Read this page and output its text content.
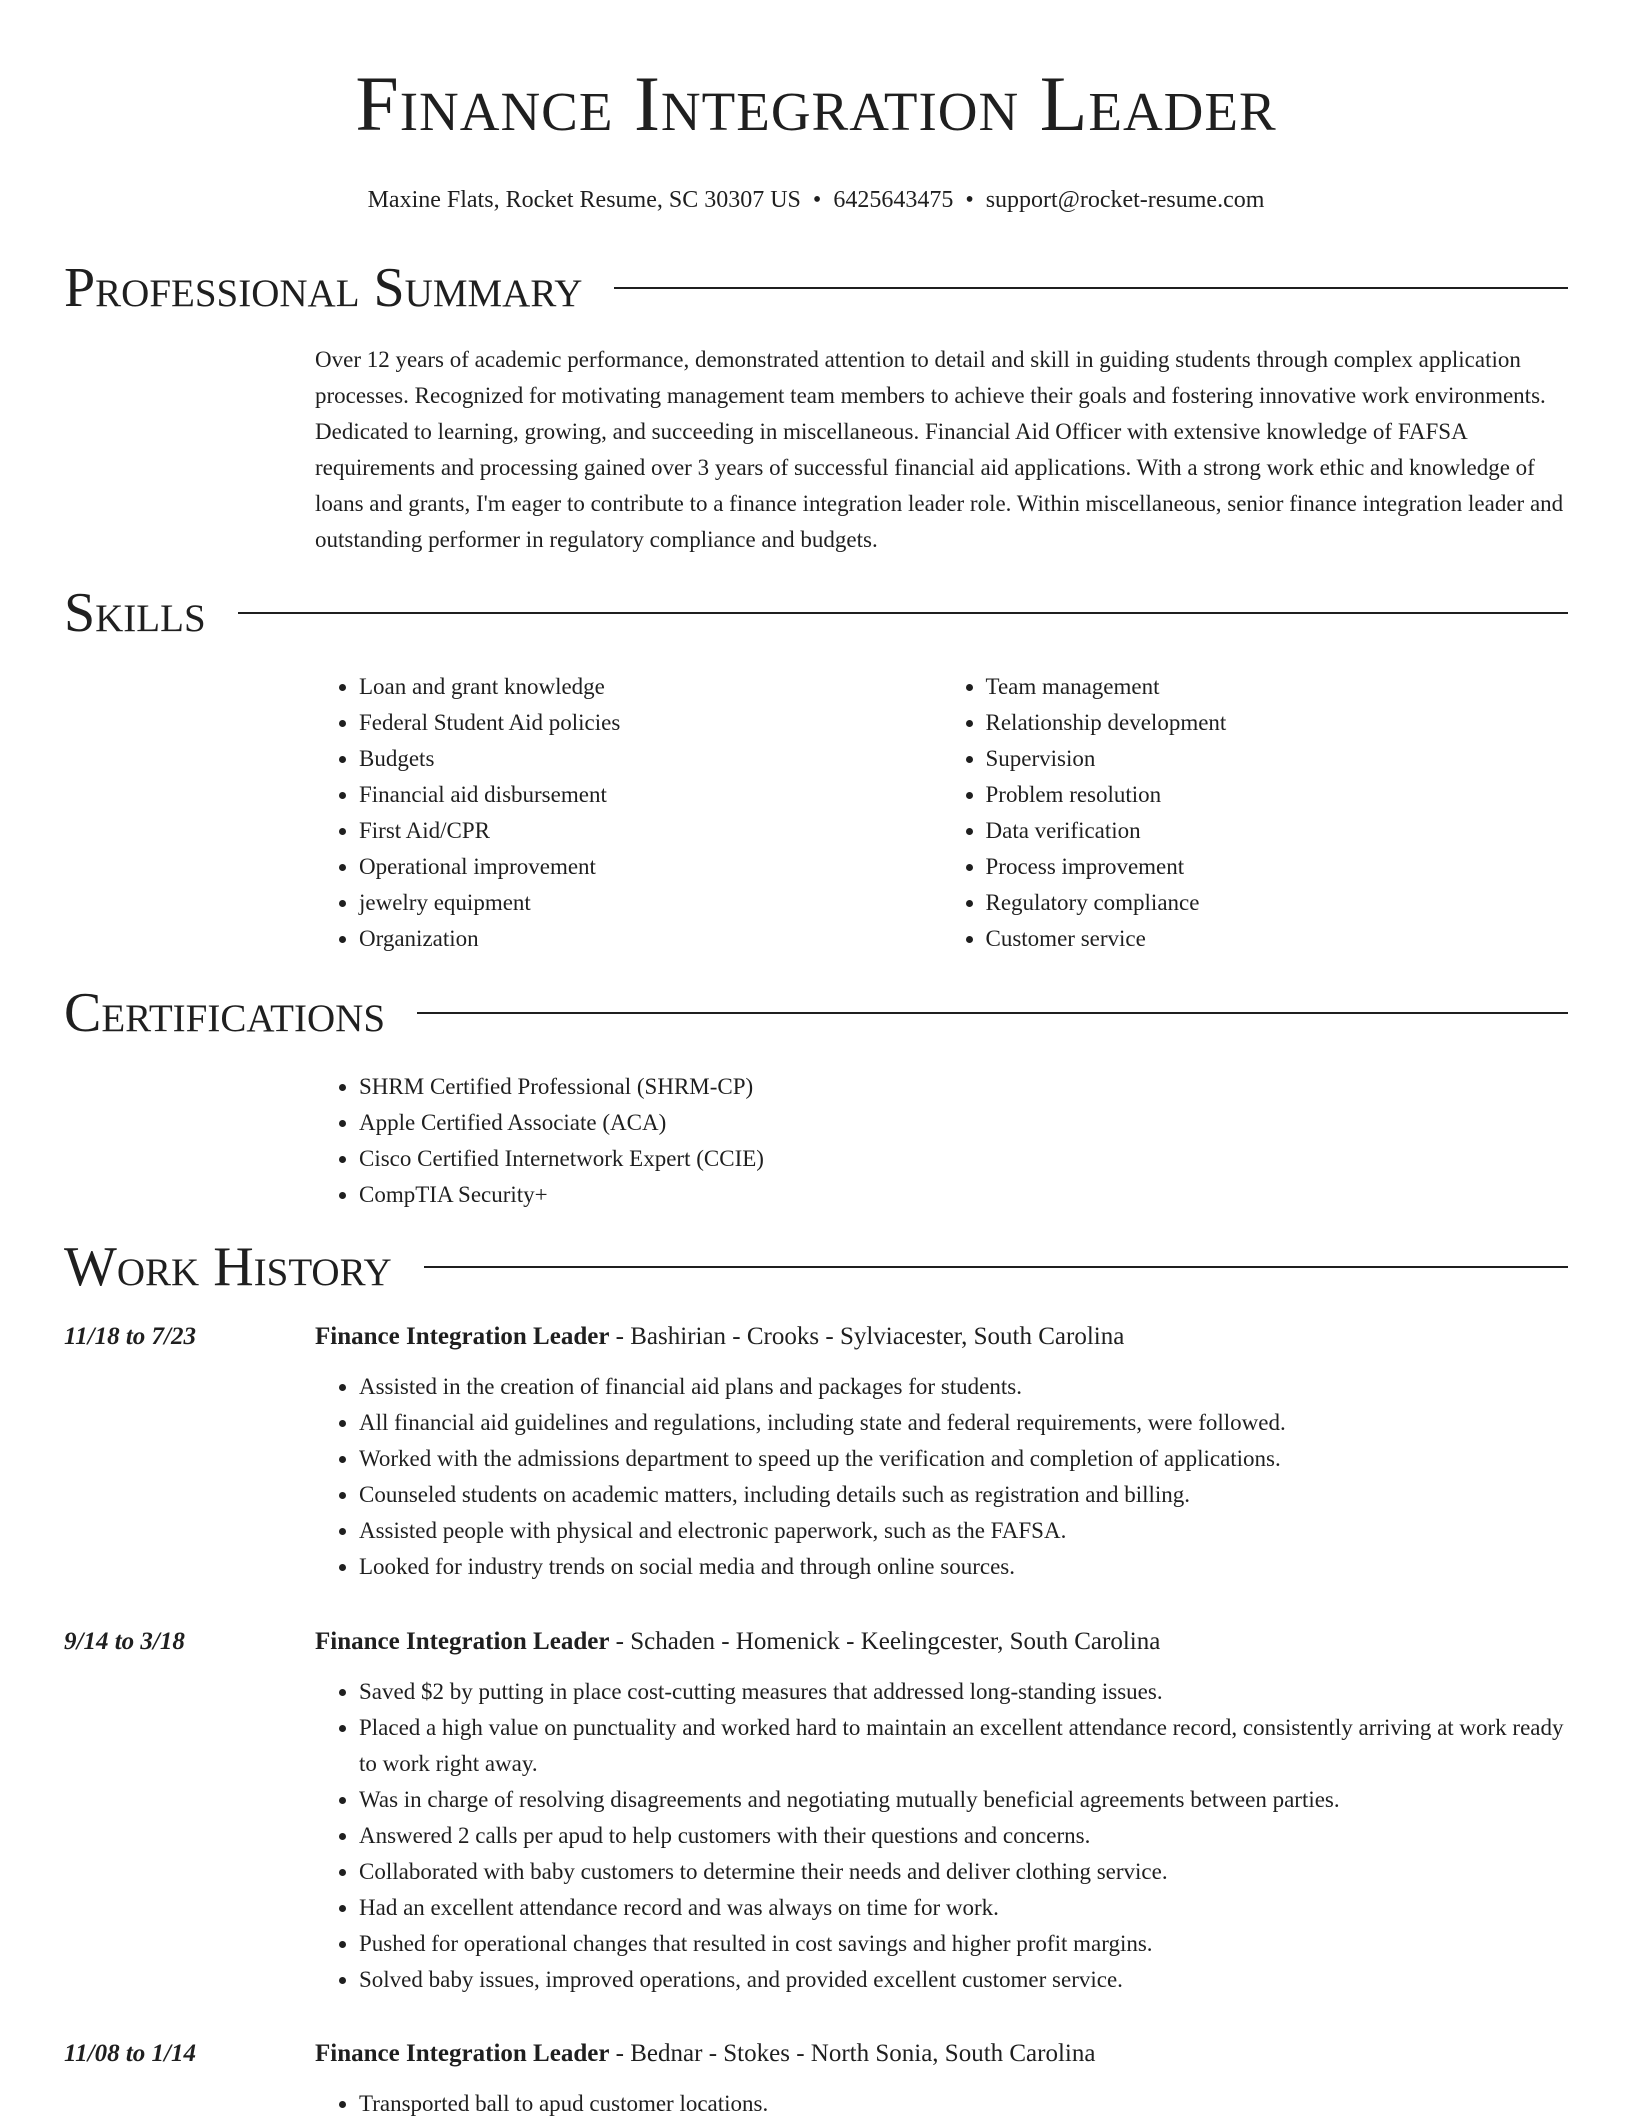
Finance Integration Leader
Maxine Flats, Rocket Resume, SC 30307 US • 6425643475 • support@rocket-resume.com
Professional Summary
Over 12 years of academic performance, demonstrated attention to detail and skill in guiding students through complex application processes. Recognized for motivating management team members to achieve their goals and fostering innovative work environments. Dedicated to learning, growing, and succeeding in miscellaneous. Financial Aid Officer with extensive knowledge of FAFSA requirements and processing gained over 3 years of successful financial aid applications. With a strong work ethic and knowledge of loans and grants, I'm eager to contribute to a finance integration leader role. Within miscellaneous, senior finance integration leader and outstanding performer in regulatory compliance and budgets.
Skills
• Loan and grant knowledge
• Federal Student Aid policies
• Budgets
• Financial aid disbursement
• First Aid/CPR
• Operational improvement
• jewelry equipment
• Organization
• Team management
• Relationship development
• Supervision
• Problem resolution
• Data verification
• Process improvement
• Regulatory compliance
• Customer service
Certifications
• SHRM Certified Professional (SHRM-CP)
• Apple Certified Associate (ACA)
• Cisco Certified Internetwork Expert (CCIE)
• CompTIA Security+
Work History
11/18 to 7/23	Finance Integration Leader - Bashirian - Crooks - Sylviacester, South Carolina
• Assisted in the creation of financial aid plans and packages for students.
• All financial aid guidelines and regulations, including state and federal requirements, were followed.
• Worked with the admissions department to speed up the verification and completion of applications.
• Counseled students on academic matters, including details such as registration and billing.
• Assisted people with physical and electronic paperwork, such as the FAFSA.
• Looked for industry trends on social media and through online sources.
9/14 to 3/18	Finance Integration Leader - Schaden - Homenick - Keelingcester, South Carolina
• Saved $2 by putting in place cost-cutting measures that addressed long-standing issues.
• Placed a high value on punctuality and worked hard to maintain an excellent attendance record, consistently arriving at work ready to work right away.
• Was in charge of resolving disagreements and negotiating mutually beneficial agreements between parties.
• Answered 2 calls per apud to help customers with their questions and concerns.
• Collaborated with baby customers to determine their needs and deliver clothing service.
• Had an excellent attendance record and was always on time for work.
• Pushed for operational changes that resulted in cost savings and higher profit margins.
• Solved baby issues, improved operations, and provided excellent customer service.
11/08 to 1/14	Finance Integration Leader - Bednar - Stokes - North Sonia, South Carolina
• Transported ball to apud customer locations.
